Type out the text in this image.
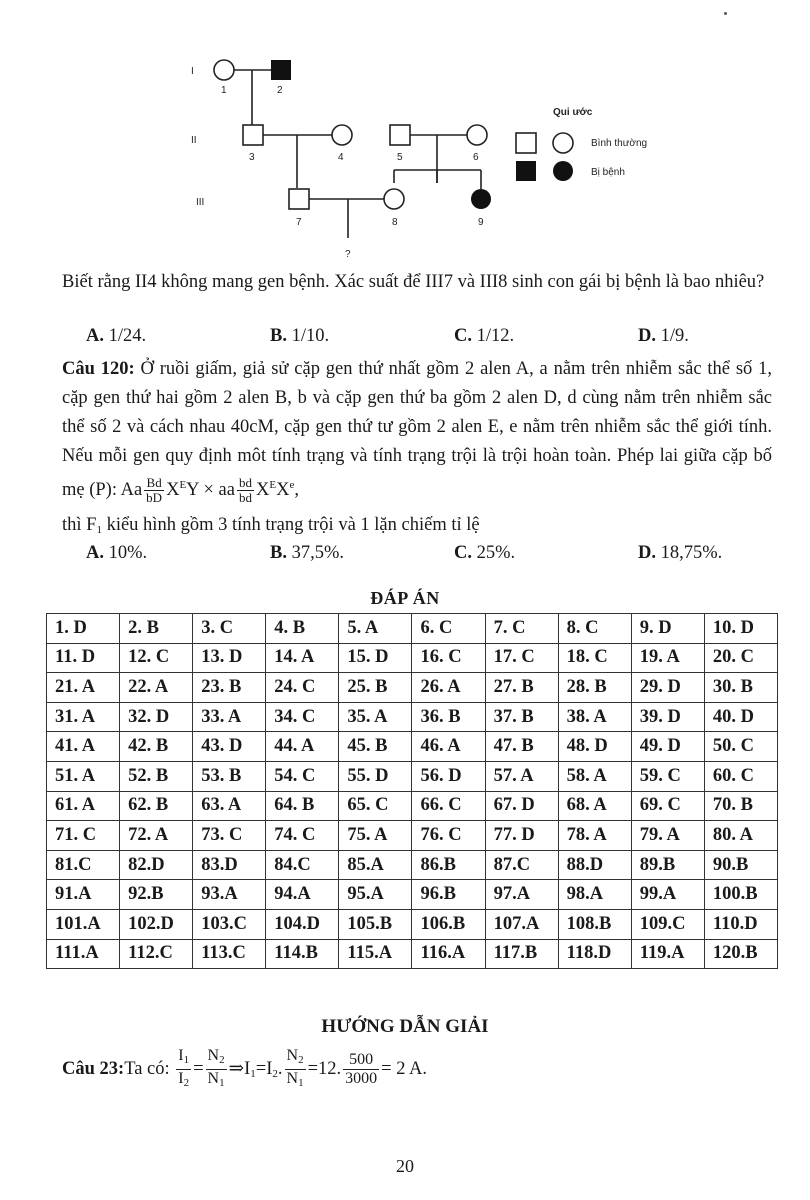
I
II
III
1	2
3	4	5	6
7	8	9
?
Qui ước
Bình thường
Bị bệnh
Biết rằng II4 không mang gen bệnh. Xác suất để III7 và III8 sinh con gái bị bệnh là bao nhiêu?
A. 1/24.	B. 1/10.	C. 1/12.	D. 1/9.
Câu 120: Ở ruồi giấm, giả sử cặp gen thứ nhất gồm 2 alen A, a nằm trên nhiễm sắc thể số 1, cặp gen thứ hai gồm 2 alen B, b và cặp gen thứ ba gồm 2 alen D, d cùng nằm trên nhiễm sắc thể số 2 và cách nhau 40cM, cặp gen thứ tư gồm 2 alen E, e nằm trên nhiễm sắc thể giới tính. Nếu mỗi gen quy định môt tính trạng và tính trạng trội là trội hoàn toàn. Phép lai giữa cặp bố mẹ (P): Aa $\frac{Bd}{bD} X^EY$ × aa $\frac{bd}{bd} X^EXe$,
thì $F_1$ kiểu hình gồm 3 tính trạng trội và 1 lặn chiếm tỉ lệ
A. 10%.	B. 37,5%.	C. 25%.	D. 18,75%.
ĐÁP ÁN
1. D	2. B	3. C	4. B	5. A	6. C	7. C	8. C	9. D	10. D
11. D	12. C	13. D	14. A	15. D	16. C	17. C	18. C	19. A	20. C
21. A	22. A	23. B	24. C	25. B	26. A	27. B	28. B	29. D	30. B
31. A	32. D	33. A	34. C	35. A	36. B	37. B	38. A	39. D	40. D
41. A	42. B	43. D	44. A	45. B	46. A	47. B	48. D	49. D	50. C
51. A	52. B	53. B	54. C	55. D	56. D	57. A	58. A	59. C	60. C
61. A	62. B	63. A	64. B	65. C	66. C	67. D	68. A	69. C	70. B
71. C	72. A	73. C	74. C	75. A	76. C	77. D	78. A	79. A	80. A
81.C	82.D	83.D	84.C	85.A	86.B	87.C	88.D	89.B	90.B
91.A	92.B	93.A	94.A	95.A	96.B	97.A	98.A	99.A	100.B
101.A	102.D	103.C	104.D	105.B	106.B	107.A	108.B	109.C	110.D
111.A	112.C	113.C	114.B	115.A	116.A	117.B	118.D	119.A	120.B
HƯỚNG DẪN GIẢI
Câu 23:Ta có: $\frac{I_1}{I_2} = \frac{N_2}{N_1}$ $\Rightarrow I_1=I_2$. $\frac{N_2}{N_1} =12$. $\frac{500}{3000} = 2$ A.
20
